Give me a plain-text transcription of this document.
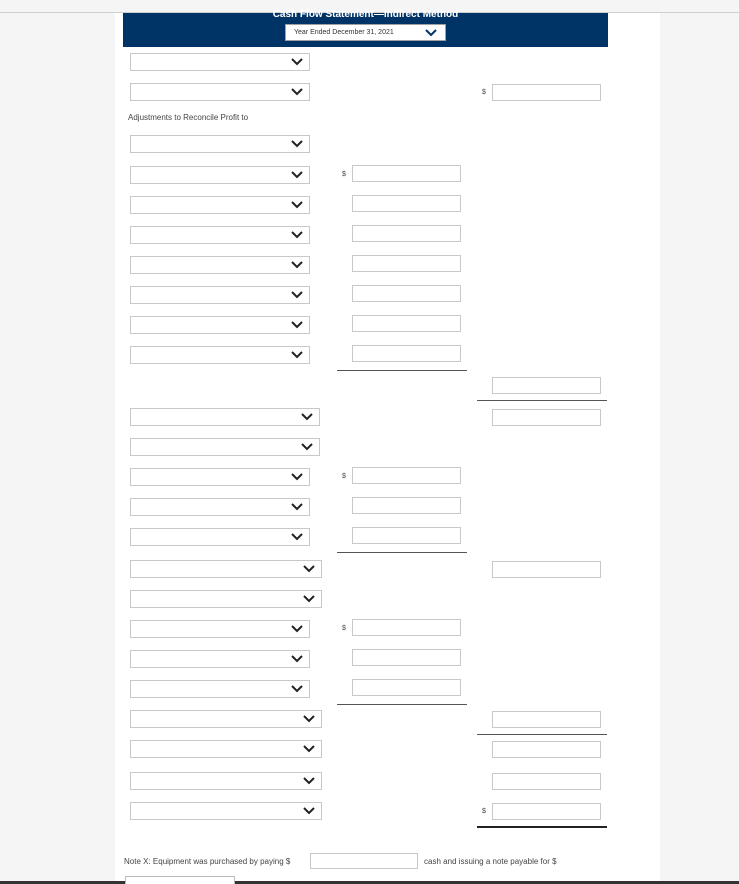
Cash Flow Statement—Indirect Method
Year Ended December 31, 2021
Adjustments to Reconcile Profit to
Note X: Equipment was purchased by paying $	cash and issuing a note payable for $
$
$
$
$
$
